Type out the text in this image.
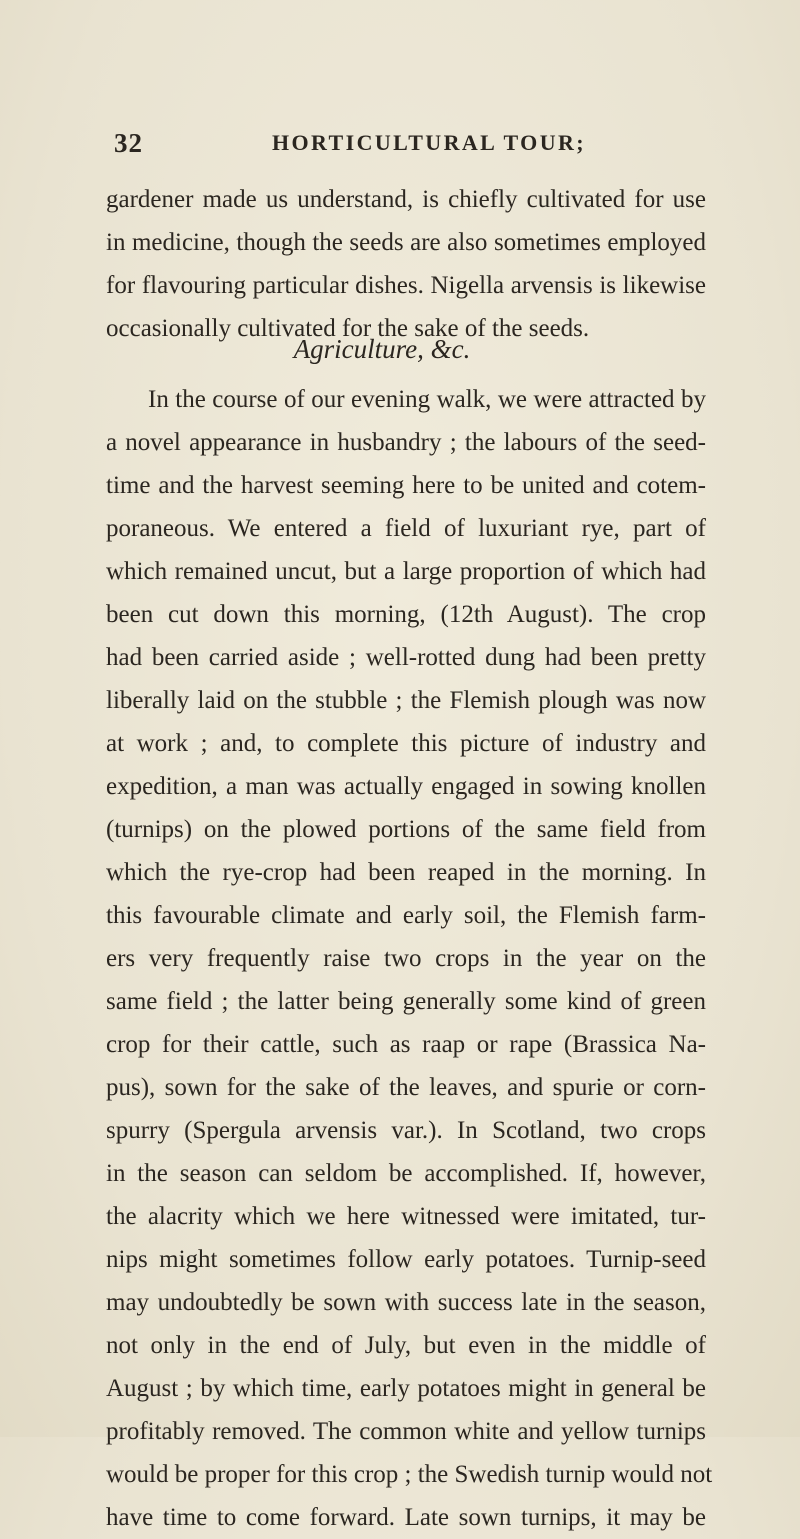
32	HORTICULTURAL TOUR;
gardener made us understand, is chiefly cultivated for use
in medicine, though the seeds are also sometimes employed
for flavouring particular dishes. Nigella arvensis is likewise
occasionally cultivated for the sake of the seeds.
Agriculture, &c.
In the course of our evening walk, we were attracted by
a novel appearance in husbandry ; the labours of the seed-
time and the harvest seeming here to be united and cotem-
poraneous. We entered a field of luxuriant rye, part of
which remained uncut, but a large proportion of which had
been cut down this morning, (12th August). The crop
had been carried aside ; well-rotted dung had been pretty
liberally laid on the stubble ; the Flemish plough was now
at work ; and, to complete this picture of industry and
expedition, a man was actually engaged in sowing knollen
(turnips) on the plowed portions of the same field from
which the rye-crop had been reaped in the morning. In
this favourable climate and early soil, the Flemish farm-
ers very frequently raise two crops in the year on the
same field ; the latter being generally some kind of green
crop for their cattle, such as raap or rape (Brassica Na-
pus), sown for the sake of the leaves, and spurie or corn-
spurry (Spergula arvensis var.). In Scotland, two crops
in the season can seldom be accomplished. If, however,
the alacrity which we here witnessed were imitated, tur-
nips might sometimes follow early potatoes. Turnip-seed
may undoubtedly be sown with success late in the season,
not only in the end of July, but even in the middle of
August ; by which time, early potatoes might in general be
profitably removed. The common white and yellow turnips
would be proper for this crop ; the Swedish turnip would not
have time to come forward. Late sown turnips, it may be
